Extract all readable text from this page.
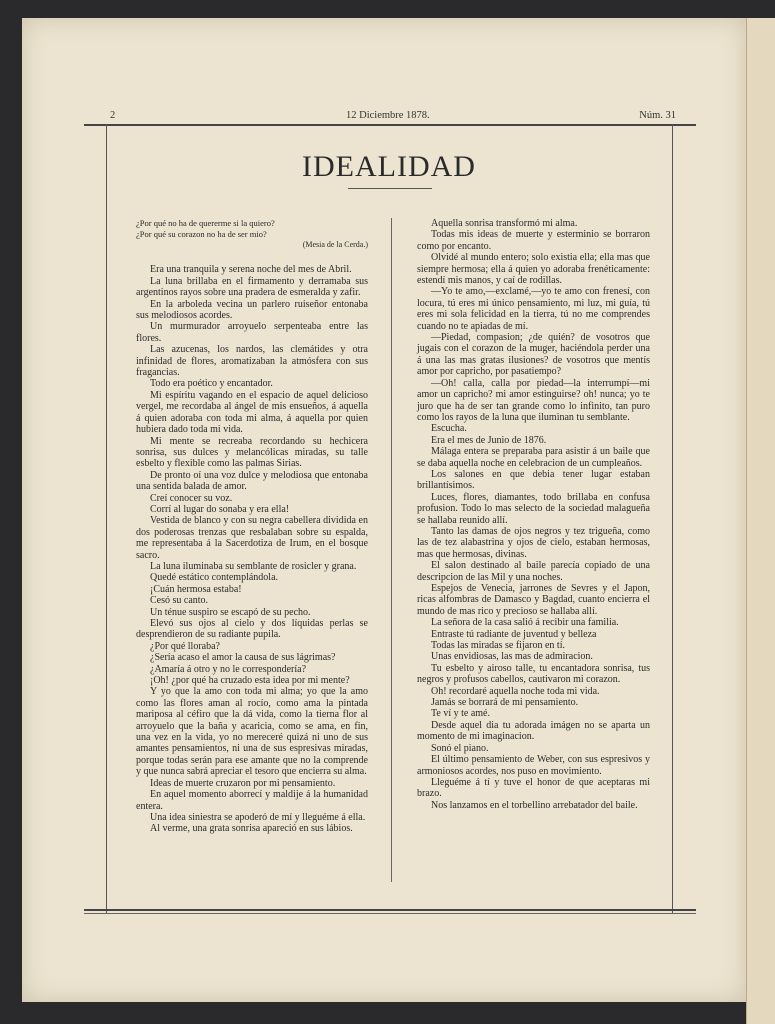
2	12 Diciembre 1878.	Núm. 31
IDEALIDAD

¿Por qué no ha de quererme si la quiero?

¿Por qué su corazon no ha de ser mio?

(Mesia de la Cerda.)

Era una tranquila y serena noche del mes de Abril.

La luna brillaba en el firmamento y derramaba sus argentinos rayos sobre una pradera de esmeralda y zafir.

En la arboleda vecina un parlero ruiseñor entonaba sus melodiosos acordes.

Un murmurador arroyuelo serpenteaba entre las flores.

Las azucenas, los nardos, las clemátides y otra infinidad de flores, aromatizaban la atmósfera con sus fragancias.

Todo era poético y encantador.

Mi espíritu vagando en el espacio de aquel delicioso vergel, me recordaba al ángel de mis ensueños, á aquella á quien adoraba con toda mi alma, á aquella por quien hubiera dado toda mi vida.

Mi mente se recreaba recordando su hechicera sonrisa, sus dulces y melancólicas miradas, su talle esbelto y flexible como las palmas Sirias.

De pronto oí una voz dulce y melodiosa que entonaba una sentida balada de amor.

Creí conocer su voz.

Corrí al lugar do sonaba y era ella!

Vestida de blanco y con su negra cabellera dividida en dos poderosas trenzas que resbalaban sobre su espalda, me representaba á la Sacerdotiza de Irum, en el bosque sacro.

La luna iluminaba su semblante de rosicler y grana.

Quedé estático contemplándola.

¡Cuán hermosa estaba!

Cesó su canto.

Un ténue suspiro se escapó de su pecho.

Elevó sus ojos al cielo y dos líquidas perlas se desprendieron de su radiante pupila.

¿Por qué lloraba?

¿Sería acaso el amor la causa de sus lágrimas?

¿Amaría á otro y no le correspondería?

¡Oh! ¿por qué ha cruzado esta idea por mi mente?

Y yo que la amo con toda mi alma; yo que la amo como las flores aman al rocío, como ama la pintada mariposa al céfiro que la dá vida, como la tierna flor al arroyuelo que la baña y acaricia, como se ama, en fin, una vez en la vida, yo no mereceré quizá ni uno de sus amantes pensamientos, ni una de sus espresivas miradas, porque todas serán para ese amante que no la comprende y que nunca sabrá apreciar el tesoro que encierra su alma.

Ideas de muerte cruzaron por mi pensamiento.

En aquel momento aborrecí y maldije á la humanidad entera.

Una idea siniestra se apoderó de mí y lleguéme á ella.

Al verme, una grata sonrisa apareció en sus lábios.

Aquella sonrisa transformó mi alma.

Todas mis ideas de muerte y esterminio se borraron como por encanto.

Olvidé al mundo entero; solo existia ella; ella mas que siempre hermosa; ella á quien yo adoraba frenéticamente: estendí mis manos, y caí de rodillas.

—Yo te amo,—exclamé,—yo te amo con frenesí, con locura, tú eres mi único pensamiento, mi luz, mi guía, tú eres mi sola felicidad en la tierra, tú no me comprendes cuando no te apiadas de mí.

—Piedad, compasion; ¿de quién? de vosotros que jugais con el corazon de la muger, haciéndola perder una á una las mas gratas ilusiones? de vosotros que mentís amor por capricho, por pasatiempo?

—Oh! calla, calla por piedad—la interrumpí—mi amor un capricho? mi amor estinguirse? oh! nunca; yo te juro que ha de ser tan grande como lo infinito, tan puro como los rayos de la luna que iluminan tu semblante.

Escucha.

Era el mes de Junio de 1876.

Málaga entera se preparaba para asistir á un baile que se daba aquella noche en celebracion de un cumpleaños.

Los salones en que debia tener lugar estaban brillantísimos.

Luces, flores, diamantes, todo brillaba en confusa profusion. Todo lo mas selecto de la sociedad malagueña se hallaba reunido allí.

Tanto las damas de ojos negros y tez trigueña, como las de tez alabastrina y ojos de cielo, estaban hermosas, mas que hermosas, divinas.

El salon destinado al baile parecía copiado de una descripcion de las Mil y una noches.

Espejos de Venecia, jarrones de Sevres y el Japon, ricas alfombras de Damasco y Bagdad, cuanto encierra el mundo de mas rico y precioso se hallaba allí.

La señora de la casa salió á recibir una familia.

Entraste tú radiante de juventud y belleza

Todas las miradas se fijaron en tí.

Unas envidiosas, las mas de admiracion.

Tu esbelto y airoso talle, tu encantadora sonrisa, tus negros y profusos cabellos, cautivaron mi corazon.

Oh! recordaré aquella noche toda mi vida.

Jamás se borrará de mi pensamiento.

Te ví y te amé.

Desde aquel dia tu adorada imágen no se aparta un momento de mi imaginacion.

Sonó el piano.

El último pensamiento de Weber, con sus espresivos y armoniosos acordes, nos puso en movimiento.

Lleguéme á tí y tuve el honor de que aceptaras mi brazo.

Nos lanzamos en el torbellino arrebatador del baile.
